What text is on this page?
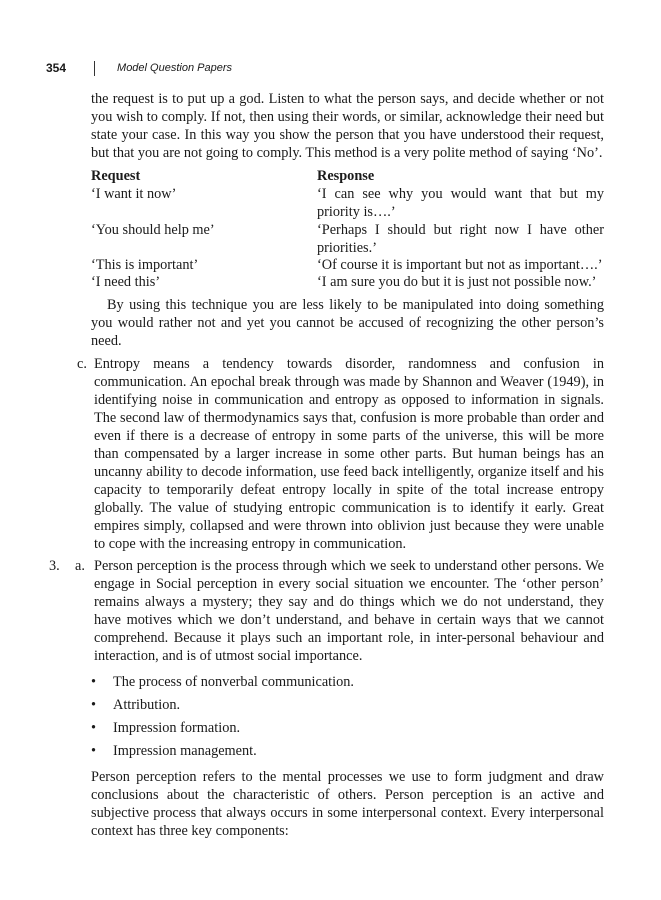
354	Model Question Papers

the request is to put up a god. Listen to what the person says, and decide whether or not you wish to comply. If not, then using their words, or similar, acknowledge their need but state your case. In this way you show the person that you have understood their request, but that you are not going to comply. This method is a very polite method of saying ‘No’.

Request	Response
‘I want it now’	‘I can see why you would want that but my priority is….’
‘You should help me’	‘Perhaps I should but right now I have other priorities.’
‘This is important’	‘Of course it is important but not as important….’
‘I need this’	‘I am sure you do but it is just not possible now.’

By using this technique you are less likely to be manipulated into doing something you would rather not and yet you cannot be accused of recognizing the other person’s need.

c. Entropy means a tendency towards disorder, randomness and confusion in communication. An epochal break through was made by Shannon and Weaver (1949), in identifying noise in communication and entropy as opposed to information in signals. The second law of thermodynamics says that, confusion is more probable than order and even if there is a decrease of entropy in some parts of the universe, this will be more than compensated by a larger increase in some other parts. But human beings has an uncanny ability to decode information, use feed back intelligently, organize itself and his capacity to temporarily defeat entropy locally in spite of the total increase entropy globally. The value of studying entropic communication is to identify it early. Great empires simply, collapsed and were thrown into oblivion just because they were unable to cope with the increasing entropy in communication.

3. a. Person perception is the process through which we seek to understand other persons. We engage in Social perception in every social situation we encounter. The ‘other person’ remains always a mystery; they say and do things which we do not understand, they have motives which we don’t understand, and behave in certain ways that we cannot comprehend. Because it plays such an important role, in inter-personal behaviour and interaction, and is of utmost social importance.

•	The process of nonverbal communication.
•	Attribution.
•	Impression formation.
•	Impression management.

Person perception refers to the mental processes we use to form judgment and draw conclusions about the characteristic of others. Person perception is an active and subjective process that always occurs in some interpersonal context. Every interpersonal context has three key components:
